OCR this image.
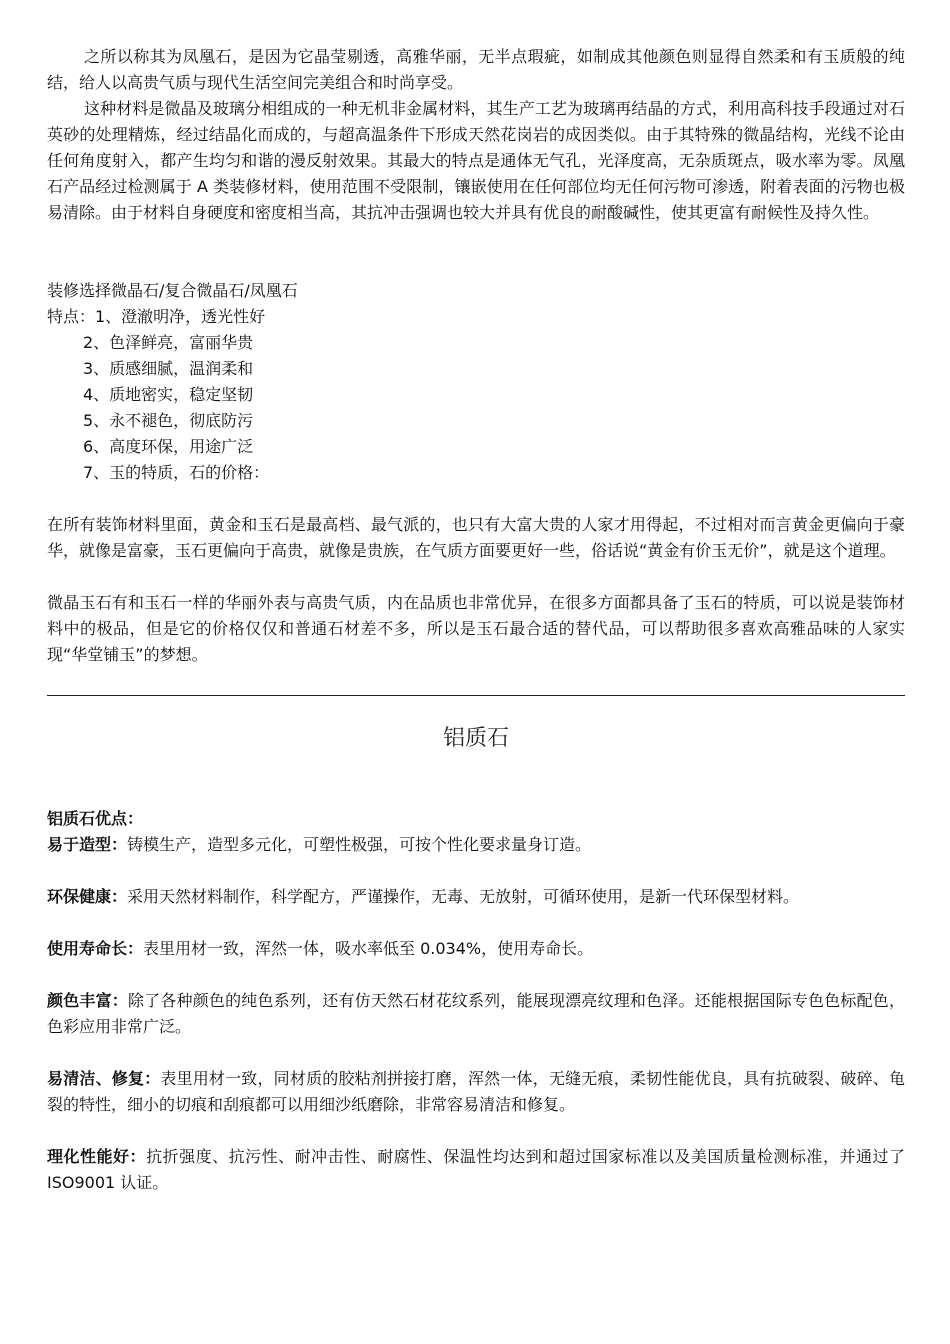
之所以称其为凤凰石，是因为它晶莹剔透，高雅华丽，无半点瑕疵，如制成其他颜色则显得自然柔和有玉质般的纯结，给人以高贵气质与现代生活空间完美组合和时尚享受。

这种材料是微晶及玻璃分相组成的一种无机非金属材料，其生产工艺为玻璃再结晶的方式，利用高科技手段通过对石英砂的处理精炼，经过结晶化而成的，与超高温条件下形成天然花岗岩的成因类似。由于其特殊的微晶结构，光线不论由任何角度射入，都产生均匀和谐的漫反射效果。其最大的特点是通体无气孔，光泽度高，无杂质斑点，吸水率为零。凤凰石产品经过检测属于 A 类装修材料，使用范围不受限制，镶嵌使用在任何部位均无任何污物可渗透，附着表面的污物也极易清除。由于材料自身硬度和密度相当高，其抗冲击强调也较大并具有优良的耐酸碱性，使其更富有耐候性及持久性。

装修选择微晶石/复合微晶石/凤凰石

特点：1、澄澈明净，透光性好

2、色泽鲜亮，富丽华贵

3、质感细腻，温润柔和

4、质地密实，稳定坚韧

5、永不褪色，彻底防污

6、高度环保，用途广泛

7、玉的特质，石的价格：

在所有装饰材料里面，黄金和玉石是最高档、最气派的，也只有大富大贵的人家才用得起，不过相对而言黄金更偏向于豪华，就像是富豪，玉石更偏向于高贵，就像是贵族，在气质方面要更好一些，俗话说“黄金有价玉无价”，就是这个道理。

微晶玉石有和玉石一样的华丽外表与高贵气质，内在品质也非常优异，在很多方面都具备了玉石的特质，可以说是装饰材料中的极品，但是它的价格仅仅和普通石材差不多，所以是玉石最合适的替代品，可以帮助很多喜欢高雅品味的人家实现“华堂铺玉”的梦想。

铝质石

铝质石优点：

易于造型：铸模生产，造型多元化，可塑性极强，可按个性化要求量身订造。

环保健康：采用天然材料制作，科学配方，严谨操作，无毒、无放射，可循环使用，是新一代环保型材料。

使用寿命长：表里用材一致，浑然一体，吸水率低至 0.034%，使用寿命长。

颜色丰富：除了各种颜色的纯色系列，还有仿天然石材花纹系列，能展现漂亮纹理和色泽。还能根据国际专色色标配色，色彩应用非常广泛。

易清洁、修复：表里用材一致，同材质的胶粘剂拼接打磨，浑然一体，无缝无痕，柔韧性能优良，具有抗破裂、破碎、龟裂的特性，细小的切痕和刮痕都可以用细沙纸磨除，非常容易清洁和修复。

理化性能好：抗折强度、抗污性、耐冲击性、耐腐性、保温性均达到和超过国家标准以及美国质量检测标准，并通过了 ISO9001 认证。
